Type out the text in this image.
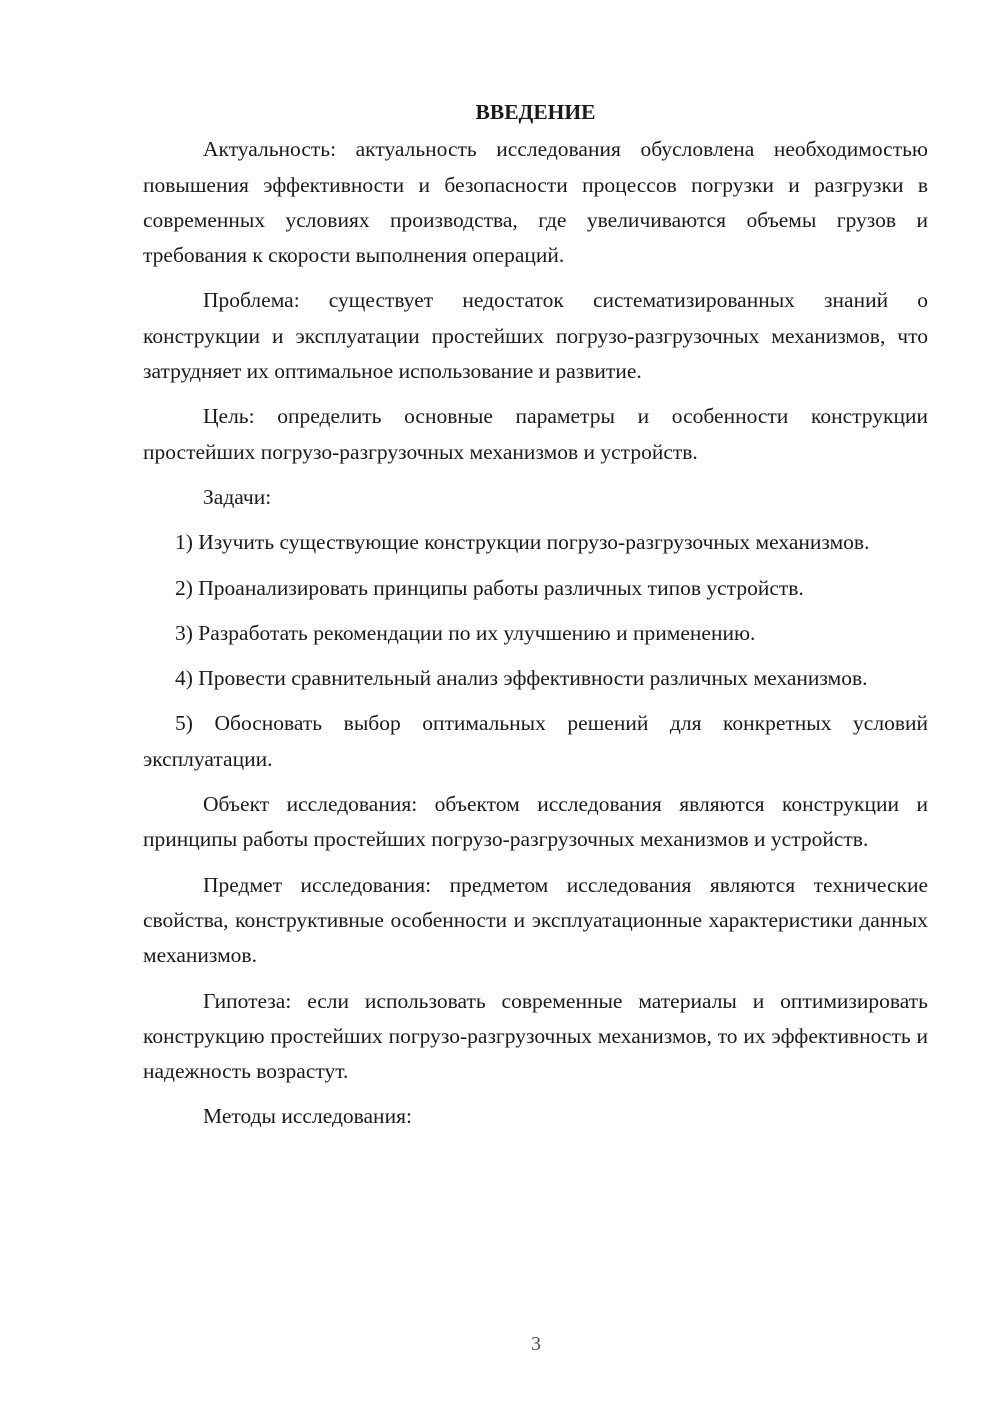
ВВЕДЕНИЕ

Актуальность: актуальность исследования обусловлена необходимостью повышения эффективности и безопасности процессов погрузки и разгрузки в современных условиях производства, где увеличиваются объемы грузов и требования к скорости выполнения операций.

Проблема: существует недостаток систематизированных знаний о конструкции и эксплуатации простейших погрузо-разгрузочных механизмов, что затрудняет их оптимальное использование и развитие.

Цель: определить основные параметры и особенности конструкции простейших погрузо-разгрузочных механизмов и устройств.

Задачи:

1) Изучить существующие конструкции погрузо-разгрузочных механизмов.

2) Проанализировать принципы работы различных типов устройств.

3) Разработать рекомендации по их улучшению и применению.

4) Провести сравнительный анализ эффективности различных механизмов.

5) Обосновать выбор оптимальных решений для конкретных условий эксплуатации.

Объект исследования: объектом исследования являются конструкции и принципы работы простейших погрузо-разгрузочных механизмов и устройств.

Предмет исследования: предметом исследования являются технические свойства, конструктивные особенности и эксплуатационные характеристики данных механизмов.

Гипотеза: если использовать современные материалы и оптимизировать конструкцию простейших погрузо-разгрузочных механизмов, то их эффективность и надежность возрастут.

Методы исследования:

3
